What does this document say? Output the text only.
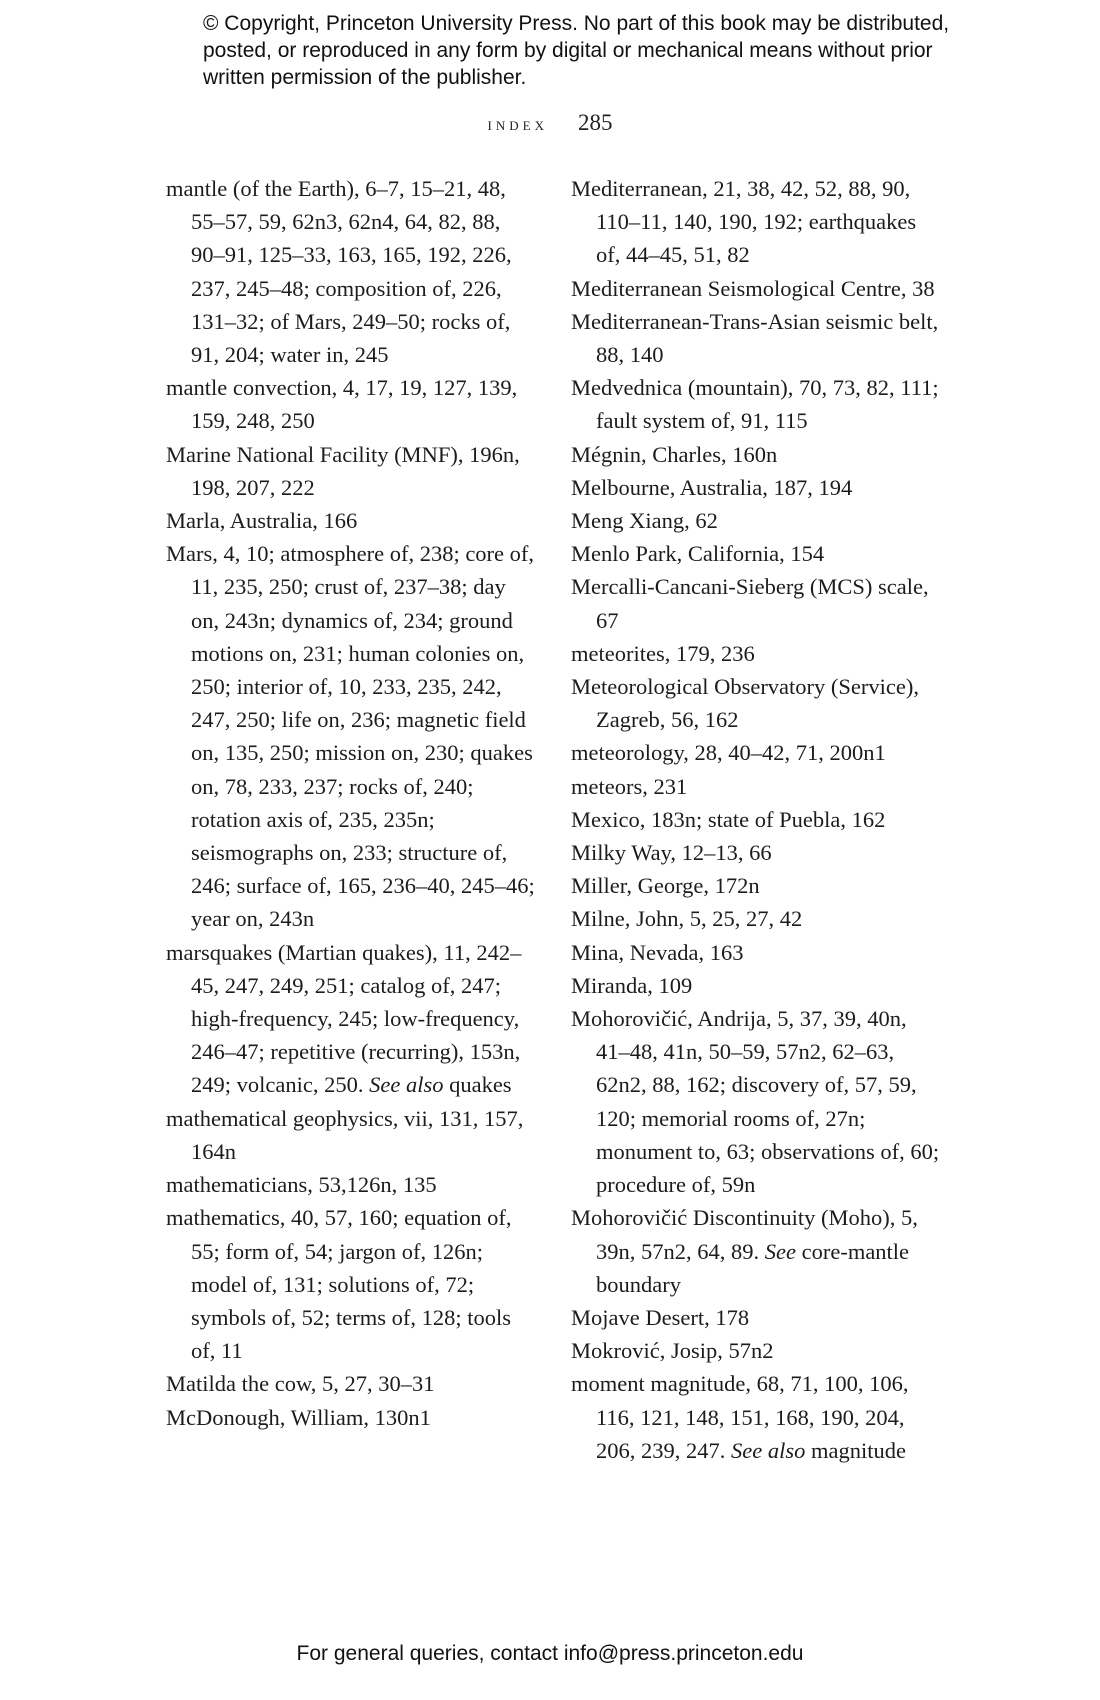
© Copyright, Princeton University Press. No part of this book may be distributed, posted, or reproduced in any form by digital or mechanical means without prior written permission of the publisher.
index 285

mantle (of the Earth), 6–7, 15–21, 48, 55–57, 59, 62n3, 62n4, 64, 82, 88, 90–91, 125–33, 163, 165, 192, 226, 237, 245–48; composition of, 226, 131–32; of Mars, 249–50; rocks of, 91, 204; water in, 245

mantle convection, 4, 17, 19, 127, 139, 159, 248, 250

Marine National Facility (MNF), 196n, 198, 207, 222

Marla, Australia, 166

Mars, 4, 10; atmosphere of, 238; core of, 11, 235, 250; crust of, 237–38; day on, 243n; dynamics of, 234; ground motions on, 231; human colonies on, 250; interior of, 10, 233, 235, 242, 247, 250; life on, 236; magnetic field on, 135, 250; mission on, 230; quakes on, 78, 233, 237; rocks of, 240; rotation axis of, 235, 235n; seismographs on, 233; structure of, 246; surface of, 165, 236–40, 245–46; year on, 243n

marsquakes (Martian quakes), 11, 242–45, 247, 249, 251; catalog of, 247; high-frequency, 245; low-frequency, 246–47; repetitive (recurring), 153n, 249; volcanic, 250. See also quakes

mathematical geophysics, vii, 131, 157, 164n

mathematicians, 53,126n, 135

mathematics, 40, 57, 160; equation of, 55; form of, 54; jargon of, 126n; model of, 131; solutions of, 72; symbols of, 52; terms of, 128; tools of, 11

Matilda the cow, 5, 27, 30–31

McDonough, William, 130n1

Mediterranean, 21, 38, 42, 52, 88, 90, 110–11, 140, 190, 192; earthquakes of, 44–45, 51, 82

Mediterranean Seismological Centre, 38

Mediterranean-Trans-Asian seismic belt, 88, 140

Medvednica (mountain), 70, 73, 82, 111; fault system of, 91, 115

Mégnin, Charles, 160n

Melbourne, Australia, 187, 194

Meng Xiang, 62

Menlo Park, California, 154

Mercalli-Cancani-Sieberg (MCS) scale, 67

meteorites, 179, 236

Meteorological Observatory (Service), Zagreb, 56, 162

meteorology, 28, 40–42, 71, 200n1

meteors, 231

Mexico, 183n; state of Puebla, 162

Milky Way, 12–13, 66

Miller, George, 172n

Milne, John, 5, 25, 27, 42

Mina, Nevada, 163

Miranda, 109

Mohorovičić, Andrija, 5, 37, 39, 40n, 41–48, 41n, 50–59, 57n2, 62–63, 62n2, 88, 162; discovery of, 57, 59, 120; memorial rooms of, 27n; monument to, 63; observations of, 60; procedure of, 59n

Mohorovičić Discontinuity (Moho), 5, 39n, 57n2, 64, 89. See core-mantle boundary

Mojave Desert, 178

Mokrović, Josip, 57n2

moment magnitude, 68, 71, 100, 106, 116, 121, 148, 151, 168, 190, 204, 206, 239, 247. See also magnitude

For general queries, contact info@press.princeton.edu
